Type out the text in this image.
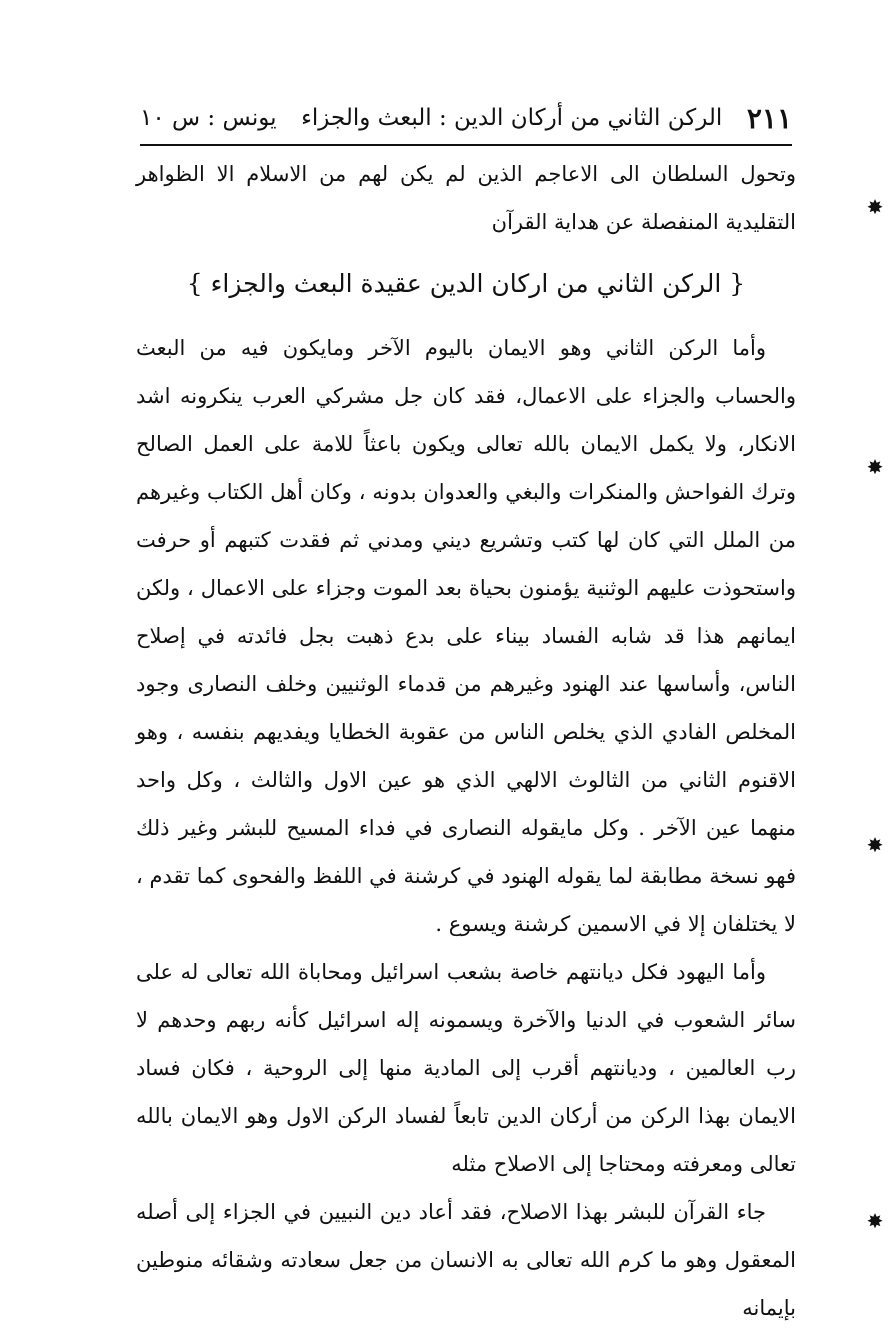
٢١١
الركن الثاني من أركان الدين : البعث والجزاء
يونس : س ١٠

وتحول السلطان الى الاعاجم الذين لم يكن لهم من الاسلام الا الظواهر التقليدية المنفصلة عن هداية القرآن

{ الركن الثاني من اركان الدين عقيدة البعث والجزاء }

وأما الركن الثاني وهو الايمان باليوم الآخر ومايكون فيه من البعث والحساب والجزاء على الاعمال، فقد كان جل مشركي العرب ينكرونه اشد الانكار، ولا يكمل الايمان بالله تعالى ويكون باعثاً للامة على العمل الصالح وترك الفواحش والمنكرات والبغي والعدوان بدونه ، وكان أهل الكتاب وغيرهم من الملل التي كان لها كتب وتشريع ديني ومدني ثم فقدت كتبهم أو حرفت واستحوذت عليهم الوثنية يؤمنون بحياة بعد الموت وجزاء على الاعمال ، ولكن ايمانهم هذا قد شابه الفساد بيناء على بدع ذهبت بجل فائدته في إصلاح الناس، وأساسها عند الهنود وغيرهم من قدماء الوثنيين وخلف النصارى وجود المخلص الفادي الذي يخلص الناس من عقوبة الخطايا ويفديهم بنفسه ، وهو الاقنوم الثاني من الثالوث الالهي الذي هو عين الاول والثالث ، وكل واحد منهما عين الآخر . وكل مايقوله النصارى في فداء المسيح للبشر وغير ذلك فهو نسخة مطابقة لما يقوله الهنود في كرشنة في اللفظ والفحوى كما تقدم ، لا يختلفان إلا في الاسمين كرشنة ويسوع .

وأما اليهود فكل ديانتهم خاصة بشعب اسرائيل ومحاباة الله تعالى له على سائر الشعوب في الدنيا والآخرة ويسمونه إله اسرائيل كأنه ربهم وحدهم لا رب العالمين ، وديانتهم أقرب إلى المادية منها إلى الروحية ، فكان فساد الايمان بهذا الركن من أركان الدين تابعاً لفساد الركن الاول وهو الايمان بالله تعالى ومعرفته ومحتاجا إلى الاصلاح مثله

جاء القرآن للبشر بهذا الاصلاح، فقد أعاد دين النبيين في الجزاء إلى أصله المعقول وهو ما كرم الله تعالى به الانسان من جعل سعادته وشقائه منوطين بإيمانه

✸
✸
✸
✸
